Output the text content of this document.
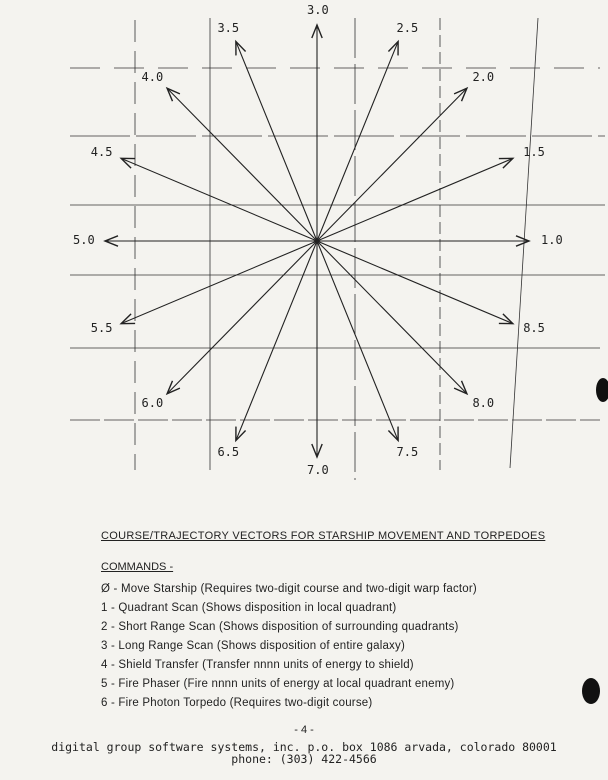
1.0
1.5
2.0
2.5
3.0
3.5
4.0
4.5
5.0
5.5
6.0
6.5
7.0
7.5
8.0
8.5
COURSE/TRAJECTORY VECTORS FOR STARSHIP MOVEMENT AND TORPEDOES
COMMANDS -
Ø - Move Starship (Requires two-digit course and two-digit warp factor)
1 - Quadrant Scan (Shows disposition in local quadrant)
2 - Short Range Scan (Shows disposition of surrounding quadrants)
3 - Long Range Scan (Shows disposition of entire galaxy)
4 - Shield Transfer (Transfer nnnn units of energy to shield)
5 - Fire Phaser (Fire nnnn units of energy at local quadrant enemy)
6 - Fire Photon Torpedo (Requires two-digit course)
- 4 -
digital group software systems, inc. p.o. box 1086 arvada, colorado 80001
phone: (303) 422-4566
